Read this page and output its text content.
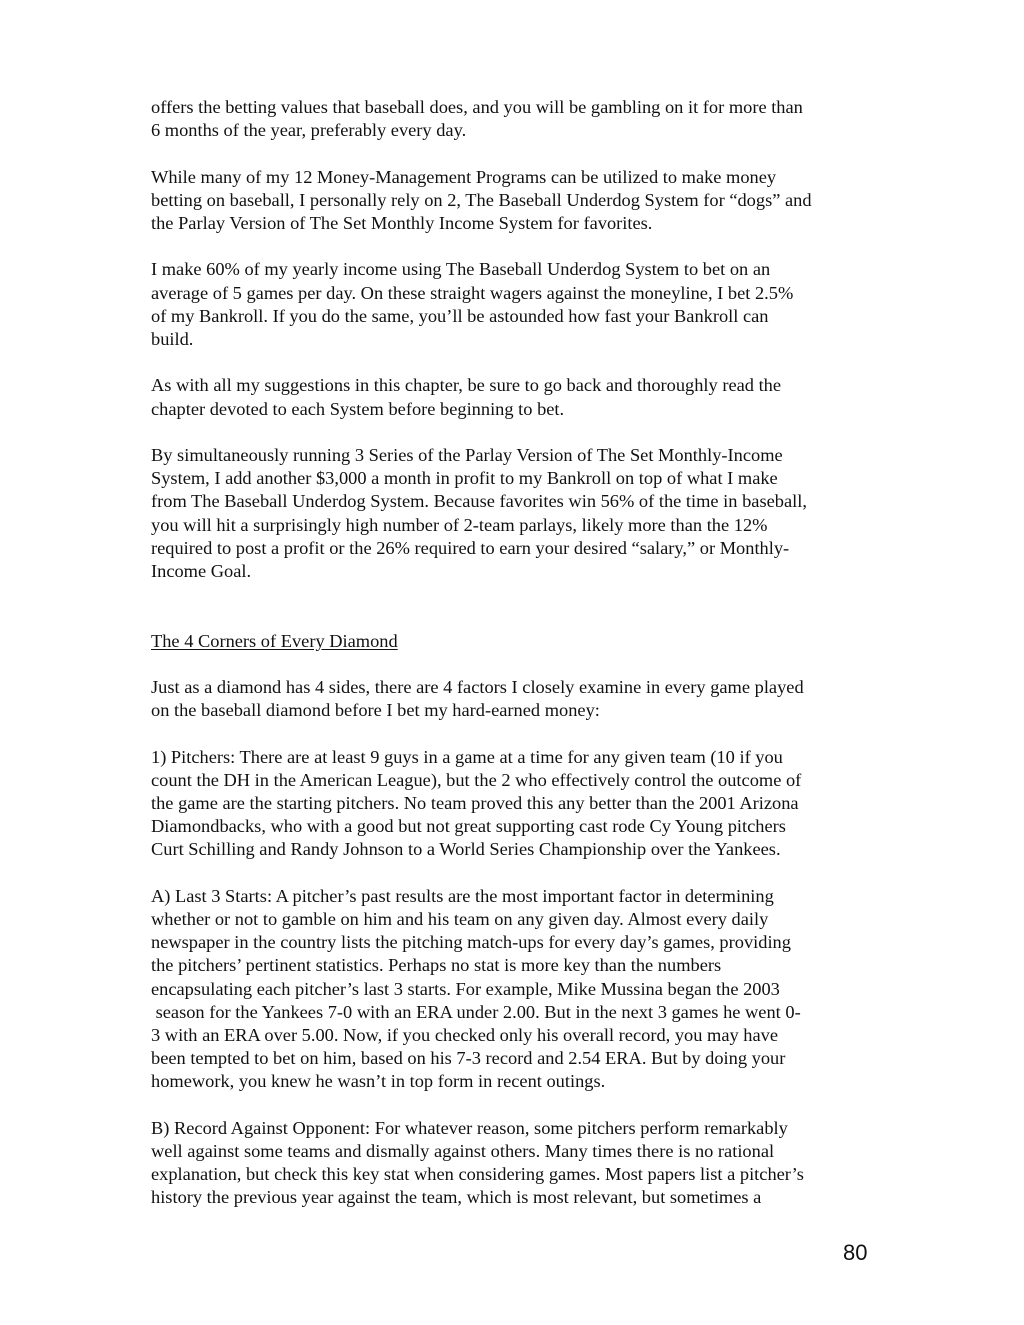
offers the betting values that baseball does, and you will be gambling on it for more than
6 months of the year, preferably every day.
While many of my 12 Money-Management Programs can be utilized to make money
betting on baseball, I personally rely on 2, The Baseball Underdog System for “dogs” and
the Parlay Version of The Set Monthly Income System for favorites.
I make 60% of my yearly income using The Baseball Underdog System to bet on an
average of 5 games per day. On these straight wagers against the moneyline, I bet 2.5%
of my Bankroll. If you do the same, you’ll be astounded how fast your Bankroll can
build.
As with all my suggestions in this chapter, be sure to go back and thoroughly read the
chapter devoted to each System before beginning to bet.
By simultaneously running 3 Series of the Parlay Version of The Set Monthly-Income
System, I add another $3,000 a month in profit to my Bankroll on top of what I make
from The Baseball Underdog System. Because favorites win 56% of the time in baseball,
you will hit a surprisingly high number of 2-team parlays, likely more than the 12%
required to post a profit or the 26% required to earn your desired “salary,” or Monthly-
Income Goal.
The 4 Corners of Every Diamond
Just as a diamond has 4 sides, there are 4 factors I closely examine in every game played
on the baseball diamond before I bet my hard-earned money:
1) Pitchers: There are at least 9 guys in a game at a time for any given team (10 if you
count the DH in the American League), but the 2 who effectively control the outcome of
the game are the starting pitchers. No team proved this any better than the 2001 Arizona
Diamondbacks, who with a good but not great supporting cast rode Cy Young pitchers
Curt Schilling and Randy Johnson to a World Series Championship over the Yankees.
A) Last 3 Starts: A pitcher’s past results are the most important factor in determining
whether or not to gamble on him and his team on any given day. Almost every daily
newspaper in the country lists the pitching match-ups for every day’s games, providing
the pitchers’ pertinent statistics. Perhaps no stat is more key than the numbers
encapsulating each pitcher’s last 3 starts. For example, Mike Mussina began the 2003
season for the Yankees 7-0 with an ERA under 2.00. But in the next 3 games he went 0-
3 with an ERA over 5.00. Now, if you checked only his overall record, you may have
been tempted to bet on him, based on his 7-3 record and 2.54 ERA. But by doing your
homework, you knew he wasn’t in top form in recent outings.
B) Record Against Opponent: For whatever reason, some pitchers perform remarkably
well against some teams and dismally against others. Many times there is no rational
explanation, but check this key stat when considering games. Most papers list a pitcher’s
history the previous year against the team, which is most relevant, but sometimes a
80
